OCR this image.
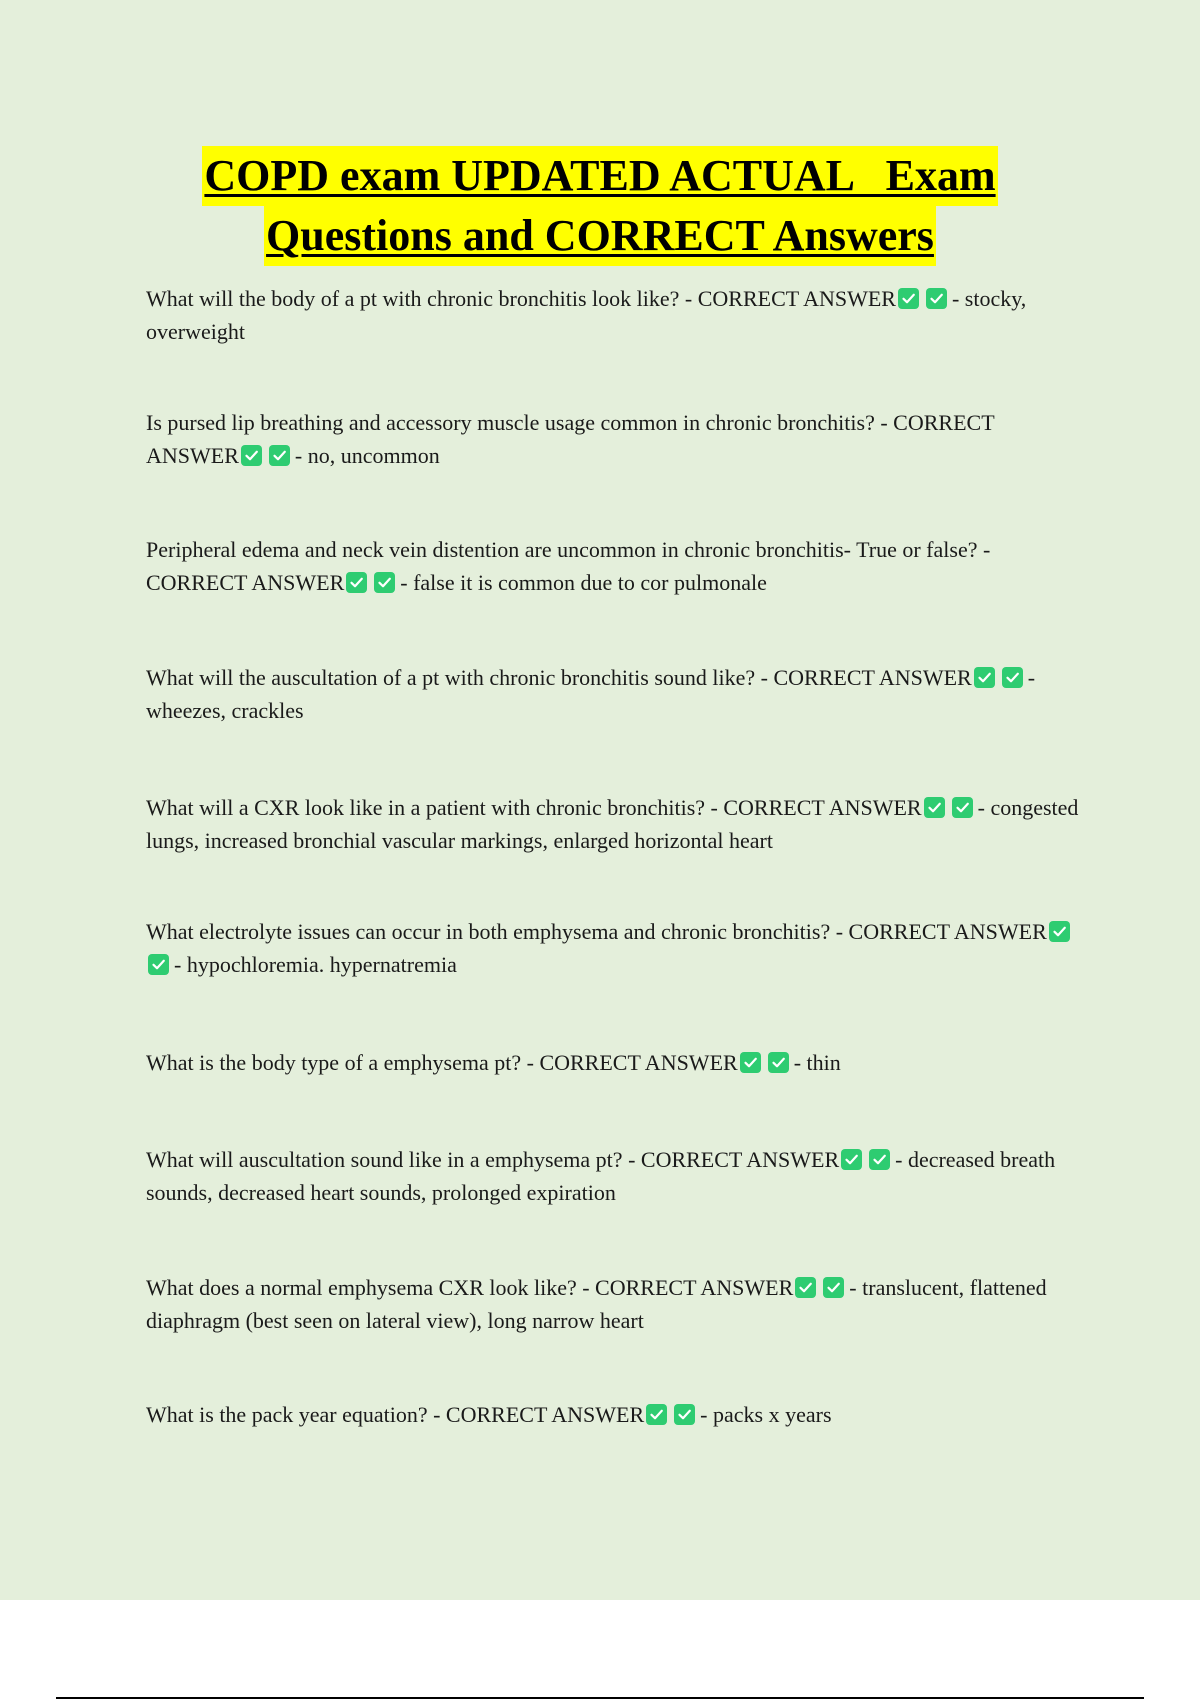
COPD exam UPDATED ACTUAL   Exam
Questions and CORRECT Answers
What will the body of a pt with chronic bronchitis look like? - CORRECT ANSWER	- stocky, overweight
Is pursed lip breathing and accessory muscle usage common in chronic bronchitis? - CORRECT ANSWER	- no, uncommon
Peripheral edema and neck vein distention are uncommon in chronic bronchitis- True or false? - CORRECT ANSWER	- false it is common due to cor pulmonale
What will the auscultation of a pt with chronic bronchitis sound like? - CORRECT ANSWER	- wheezes, crackles
What will a CXR look like in a patient with chronic bronchitis? - CORRECT ANSWER	- congested lungs, increased bronchial vascular markings, enlarged horizontal heart
What electrolyte issues can occur in both emphysema and chronic bronchitis? - CORRECT ANSWER
- hypochloremia. hypernatremia
What is the body type of a emphysema pt? - CORRECT ANSWER	- thin
What will auscultation sound like in a emphysema pt? - CORRECT ANSWER	- decreased breath sounds, decreased heart sounds, prolonged expiration
What does a normal emphysema CXR look like? - CORRECT ANSWER	- translucent, flattened diaphragm (best seen on lateral view), long narrow heart
What is the pack year equation? - CORRECT ANSWER	- packs x years
